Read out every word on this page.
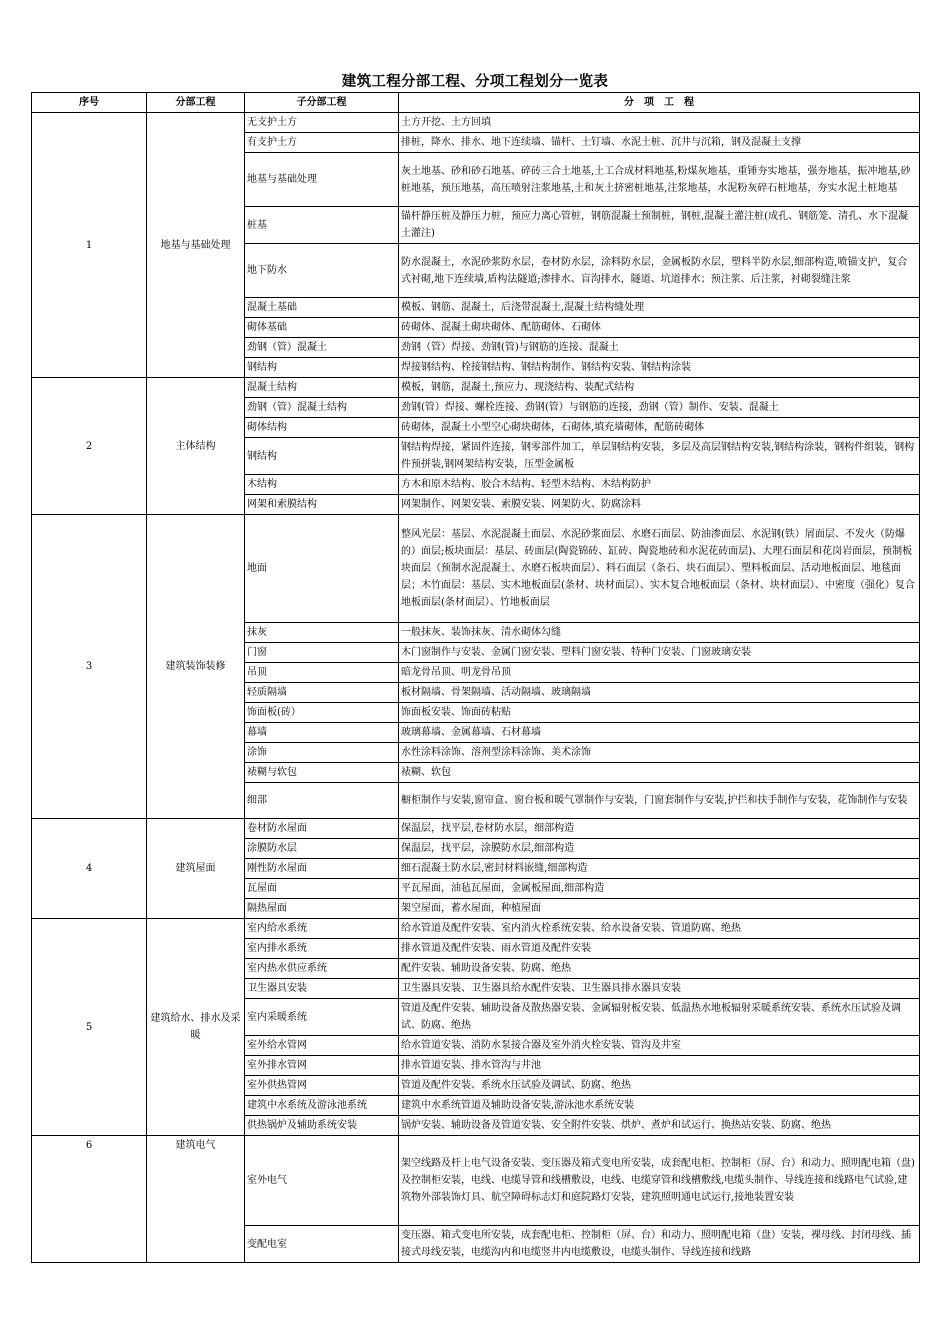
建筑工程分部工程、分项工程划分一览表
序号	分部工程	子分部工程	分　项　工　程
1	地基与基础处理	无支护土方	土方开挖、土方回填
		有支护土方	排桩，降水、排水、地下连续墙、锚杆、土钉墙、水泥土桩、沉井与沉箱，钢及混凝土支撑
		地基与基础处理	灰土地基、砂和砂石地基、碎砖三合土地基,土工合成材料地基,粉煤灰地基，重锤夯实地基，强夯地基，振冲地基,砂桩地基，预压地基，高压喷射注浆地基,土和灰土挤密桩地基,注浆地基，水泥粉灰碎石桩地基，夯实水泥土桩地基
		桩基	锚杆静压桩及静压力桩，预应力离心管桩，钢筋混凝土预制桩，钢桩,混凝土灌注桩(成孔、钢筋笼、清孔、水下混凝土灌注)
		地下防水	防水混凝土，水泥砂浆防水层，卷材防水层，涂料防水层，金属板防水层，塑料半防水层,细部构造,喷锚支护，复合式衬砌,地下连续墙,盾构法隧道;渗排水、盲沟排水，隧道、坑道排水；预注浆、后注浆，衬砌裂缝注浆
		混凝土基础	模板、钢筋、混凝土，后浇带混凝土,混凝土结构缝处理
		砌体基础	砖砌体、混凝土砌块砌体、配筋砌体、石砌体
		劲钢（管）混凝土	劲钢（管）焊接、劲钢(管)与钢筋的连接、混凝土
		钢结构	焊接钢结构、栓接钢结构、钢结构制作、钢结构安装、钢结构涂装
2	主体结构	混凝土结构	模板，钢筋，混凝土,预应力、现浇结构、装配式结构
		劲钢（管）混凝土结构	劲钢(管）焊接、螺栓连接、劲钢(管）与钢筋的连接，劲钢（管）制作、安装、混凝土
		砌体结构	砖砌体，混凝土小型空心砌块砌体，石砌体,填充墙砌体，配筋砖砌体
		钢结构	钢结构焊接，紧固件连接，钢零部件加工，单层钢结构安装，多层及高层钢结构安装,钢结构涂装，钢构件组装，钢构件预拼装,钢网架结构安装，压型金属板
		木结构	方木和原木结构、胶合木结构、轻型木结构、木结构防护
		网架和索膜结构	网架制作、网架安装、索膜安装、网架防火、防腐涂料
3	建筑装饰装修	地面	整风光层：基层、水泥混凝土面层、水泥砂浆面层、水磨石面层、防油渗面层、水泥钢(铁）屑面层、不发火（防爆的）面层;板块面层：基层、砖面层(陶瓷锦砖、缸砖、陶瓷地砖和水泥花砖面层)、大理石面层和花岗岩面层，预制板块面层（预制水泥混凝土、水磨石板块面层）、料石面层（条石、块石面层）、塑料板面层、活动地板面层、地毯面层；木竹面层：基层、实木地板面层(条材、块材面层）、实木复合地板面层（条材、块材面层）、中密度（强化）复合地板面层(条材面层）、竹地板面层
		抹灰	一般抹灰、装饰抹灰、清水砌体勾缝
		门窗	木门窗制作与安装、金属门窗安装、塑料门窗安装、特种门安装、门窗玻璃安装
		吊顶	暗龙骨吊顶、明龙骨吊顶
		轻质隔墙	板材隔墙、骨架隔墙、活动隔墙、玻璃隔墙
		饰面板(砖）	饰面板安装、饰面砖粘贴
		幕墙	玻璃幕墙、金属幕墙、石材幕墙
		涂饰	水性涂料涂饰、溶剂型涂料涂饰、美术涂饰
		裱糊与软包	裱糊、软包
		细部	橱柜制作与安装,窗帘盒、窗台板和暖气罩制作与安装，门窗套制作与安装,护拦和扶手制作与安装，花饰制作与安装
4	建筑屋面	卷材防水屋面	保温层，找平层,卷材防水层，细部构造
		涂膜防水层	保温层，找平层，涂膜防水层,细部构造
		刚性防水屋面	细石混凝土防水层,密封材料嵌缝,细部构造
		瓦屋面	平瓦屋面，油毡瓦屋面，金属板屋面,细部构造
		隔热屋面	架空屋面，蓄水屋面，种植屋面
5	建筑给水、排水及采暖	室内给水系统	给水管道及配件安装、室内消火栓系统安装、给水设备安装、管道防腐、绝热
		室内排水系统	排水管道及配件安装、雨水管道及配件安装
		室内热水供应系统	配件安装、辅助设备安装、防腐、绝热
		卫生器具安装	卫生器具安装、卫生器具给水配件安装、卫生器具排水器具安装
		室内采暖系统	管道及配件安装、辅助设备及散热器安装、金属辐射板安装、低温热水地板辐射采暖系统安装、系统水压试验及调试、防腐、绝热
		室外给水管网	给水管道安装、消防水泵接合器及室外消火栓安装、管沟及井室
		室外排水管网	排水管道安装、排水管沟与井池
		室外供热管网	管道及配件安装、系统水压试验及调试、防腐、绝热
		建筑中水系统及游泳池系统	建筑中水系统管道及辅助设备安装,游泳池水系统安装
		供热锅炉及辅助系统安装	锅炉安装、辅助设备及管道安装、安全附件安装、烘炉、煮炉和试运行、换热站安装、防腐、绝热
6	建筑电气	室外电气	架空线路及杆上电气设备安装、变压器及箱式变电所安装，成套配电柜、控制柜（屏、台）和动力、照明配电箱（盘)及控制柜安装，电线、电缆导管和线槽敷设，电线、电缆穿管和线槽敷线,电缆头制作、导线连接和线路电气试验,建筑物外部装饰灯具、航空障碍标志灯和庭院路灯安装，建筑照明通电试运行,接地装置安装
		变配电室	变压器、箱式变电所安装，成套配电柜、控制柜（屏、台）和动力、照明配电箱（盘）安装，裸母线、封闭母线、插接式母线安装，电缆沟内和电缆竖井内电缆敷设，电缆头制作、导线连接和线路
